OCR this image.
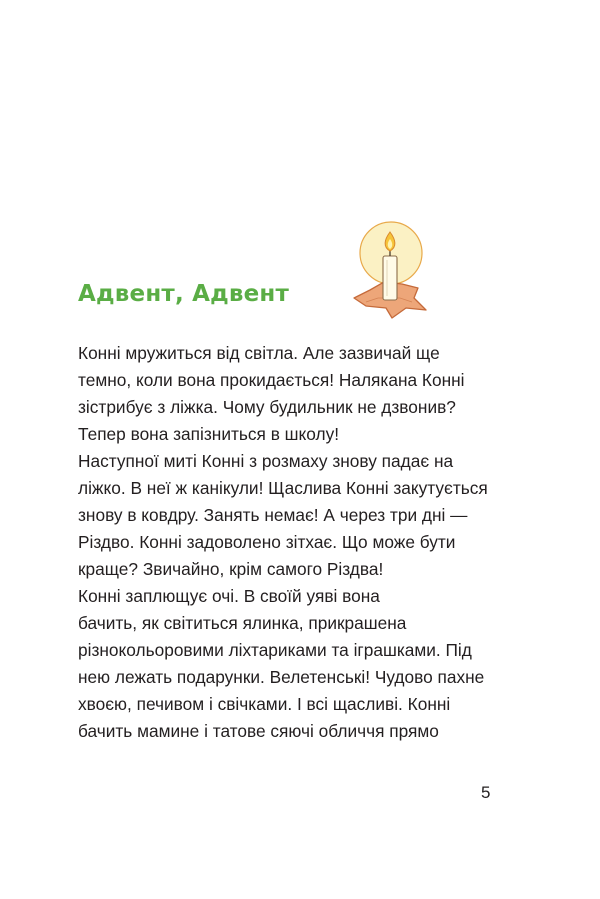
Адвент, Адвент
Конні мружиться від світла. Але зазвичай ще
темно, коли вона прокидається! Налякана Конні
зістрибує з ліжка. Чому будильник не дзвонив?
Тепер вона запізниться в школу!
Наступної миті Конні з розмаху знову падає на
ліжко. В неї ж канікули! Щаслива Конні закутується
знову в ковдру. Занять немає! А через три дні —
Різдво. Конні задоволено зітхає. Що може бути
краще? Звичайно, крім самого Різдва!
Конні заплющує очі. В своїй уяві вона
бачить, як світиться ялинка, прикрашена
різнокольоровими ліхтариками та іграшками. Під
нею лежать подарунки. Велетенські! Чудово пахне
хвоєю, печивом і свічками. І всі щасливі. Конні
бачить мамине і татове сяючі обличчя прямо
5
